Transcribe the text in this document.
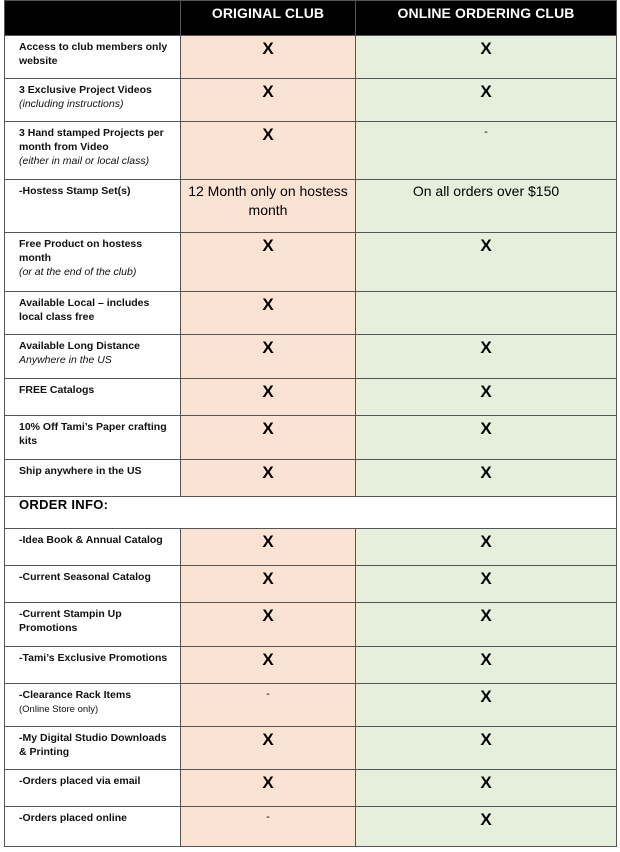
	ORIGINAL CLUB	ONLINE ORDERING CLUB

Access to club members only website	X	X

3 Exclusive Project Videos
(including instructions)	X	X

3 Hand stamped Projects per month from Video
(either in mail or local class)	X	-

-Hostess Stamp Set(s)	12 Month only on hostess month	On all orders over $150

Free Product on hostess month
(or at the end of the club)	X	X

Available Local – includes local class free	X	

Available Long Distance
Anywhere in the US	X	X

FREE Catalogs	X	X

10% Off Tami’s Paper crafting kits	X	X

Ship anywhere in the US	X	X

ORDER INFO:		

-Idea Book & Annual Catalog	X	X

-Current Seasonal Catalog	X	X

-Current Stampin Up Promotions	X	X

-Tami’s Exclusive Promotions	X	X

-Clearance Rack Items
(Online Store only)	-	X

-My Digital Studio Downloads & Printing	X	X

-Orders placed via email	X	X

-Orders placed online	-	X
